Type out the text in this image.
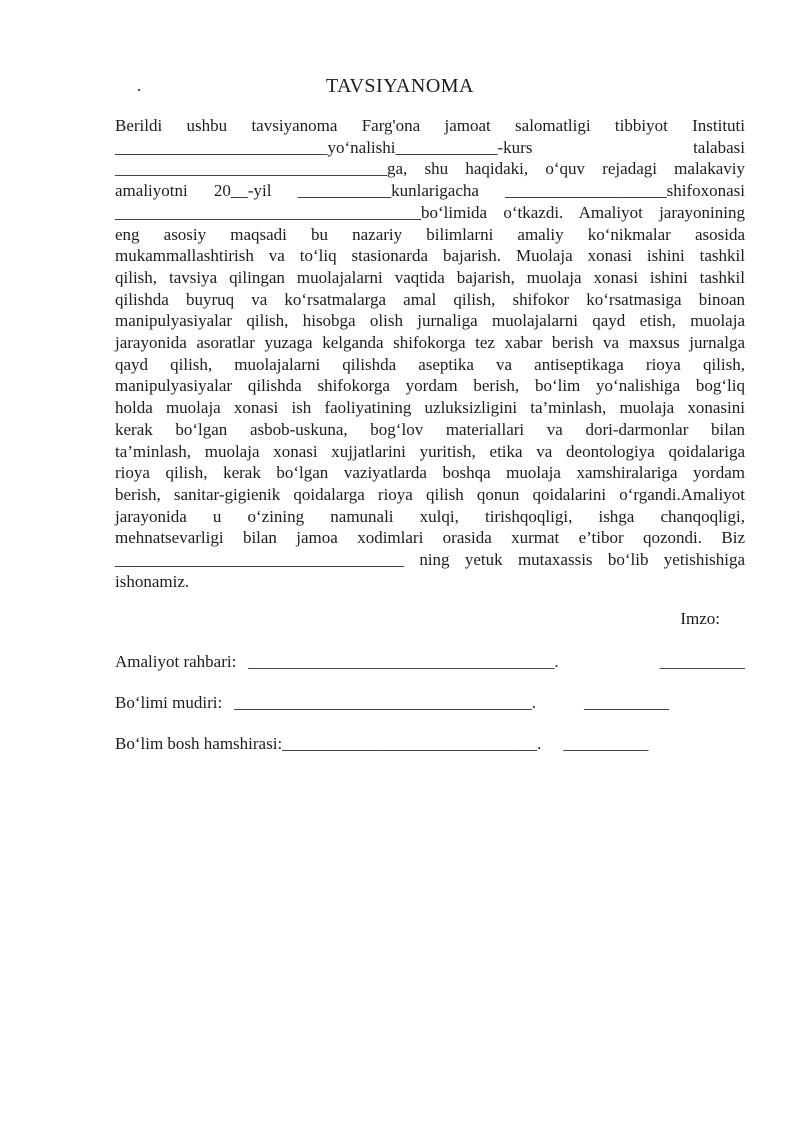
.	TAVSIYANOMA
Berildi ushbu tavsiyanoma Farg'ona jamoat salomatligi tibbiyot Instituti
_________________________yoʻnalishi____________-kurs talabasi
________________________________ga, shu haqidaki, oʻquv rejadagi malakaviy
amaliyotni 20__-yil ___________kunlarigacha ___________________shifoxonasi
____________________________________boʻlimida oʻtkazdi. Amaliyot jarayonining
eng asosiy maqsadi bu nazariy bilimlarni amaliy koʻnikmalar asosida
mukammallashtirish va toʻliq stasionarda bajarish. Muolaja xonasi ishini tashkil
qilish, tavsiya qilingan muolajalarni vaqtida bajarish, muolaja xonasi ishini tashkil
qilishda buyruq va koʻrsatmalarga amal qilish, shifokor koʻrsatmasiga binoan
manipulyasiyalar qilish, hisobga olish jurnaliga muolajalarni qayd etish, muolaja
jarayonida asoratlar yuzaga kelganda shifokorga tez xabar berish va maxsus jurnalga
qayd qilish, muolajalarni qilishda aseptika va antiseptikaga rioya qilish,
manipulyasiyalar qilishda shifokorga yordam berish, boʻlim yoʻnalishiga bogʻliq
holda muolaja xonasi ish faoliyatining uzluksizligini ta’minlash, muolaja xonasini
kerak boʻlgan asbob-uskuna, bogʻlov materiallari va dori-darmonlar bilan
ta’minlash, muolaja xonasi xujjatlarini yuritish, etika va deontologiya qoidalariga
rioya qilish, kerak boʻlgan vaziyatlarda boshqa muolaja xamshiralariga yordam
berish, sanitar-gigienik qoidalarga rioya qilish qonun qoidalarini oʻrgandi.Amaliyot
jarayonida u oʻzining namunali xulqi, tirishqoqligi, ishga chanqoqligi,
mehnatsevarligi bilan jamoa xodimlari orasida xurmat e’tibor qozondi. Biz
__________________________________ ning yetuk mutaxassis boʻlib yetishishiga
ishonamiz.
Imzo:
Amaliyot rahbari: ____________________________________.	__________
Boʻlimi mudiri: ___________________________________.	__________
Boʻlim bosh hamshirasi: ______________________________. __________
